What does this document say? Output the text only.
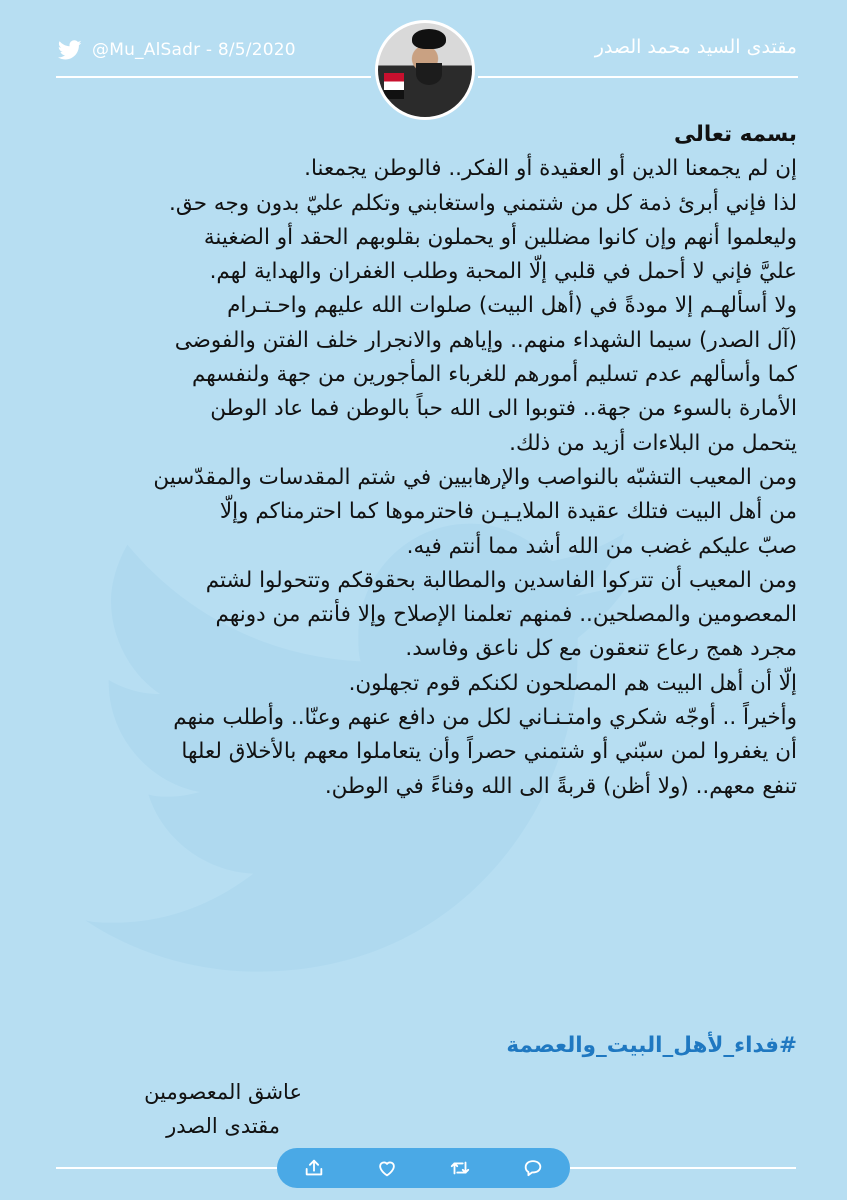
@Mu_AlSadr - 8/5/2020	مقتدى السيد محمد الصدر
بسمه تعالى
إن لم يجمعنا الدين أو العقيدة أو الفكر.. فالوطن يجمعنا.
لذا فإني أبرئ ذمة كل من شتمني واستغابني وتكلم عليّ بدون وجه حق.
وليعلموا أنهم وإن كانوا مضللين أو يحملون بقلوبهم الحقد أو الضغينة
عليَّ فإني لا أحمل في قلبي إلّا المحبة وطلب الغفران والهداية لهم.
ولا أسألهـم إلا مودةً في (أهل البيت) صلوات الله عليهم واحـتـرام
(آل الصدر) سيما الشهداء منهم.. وإياهم والانجرار خلف الفتن والفوضى
كما وأسألهم عدم تسليم أمورهم للغرباء المأجورين من جهة ولنفسهم
الأمارة بالسوء من جهة.. فتوبوا الى الله حباً بالوطن فما عاد الوطن
يتحمل من البلاءات أزيد من ذلك.
ومن المعيب التشبّه بالنواصب والإرهابيين في شتم المقدسات والمقدّسين
من أهل البيت فتلك عقيدة الملايـيـن فاحترموها كما احترمناكم وإلّا
صبّ عليكم غضب من الله أشد مما أنتم فيه.
ومن المعيب أن تتركوا الفاسدين والمطالبة بحقوقكم وتتحولوا لشتم
المعصومين والمصلحين.. فمنهم تعلمنا الإصلاح وإلا فأنتم من دونهم
مجرد همج رعاع تنعقون مع كل ناعق وفاسد.
إلّا أن أهل البيت هم المصلحون لكنكم قوم تجهلون.
وأخيراً .. أوجّه شكري وامتـنـاني لكل من دافع عنهم وعنّا.. وأطلب منهم
أن يغفروا لمن سبّني أو شتمني حصراً وأن يتعاملوا معهم بالأخلاق لعلها
تنفع معهم.. (ولا أظن) قربةً الى الله وفناءً في الوطن.
#فداء_لأهل_البيت_والعصمة
عاشق المعصومين
مقتدى الصدر
